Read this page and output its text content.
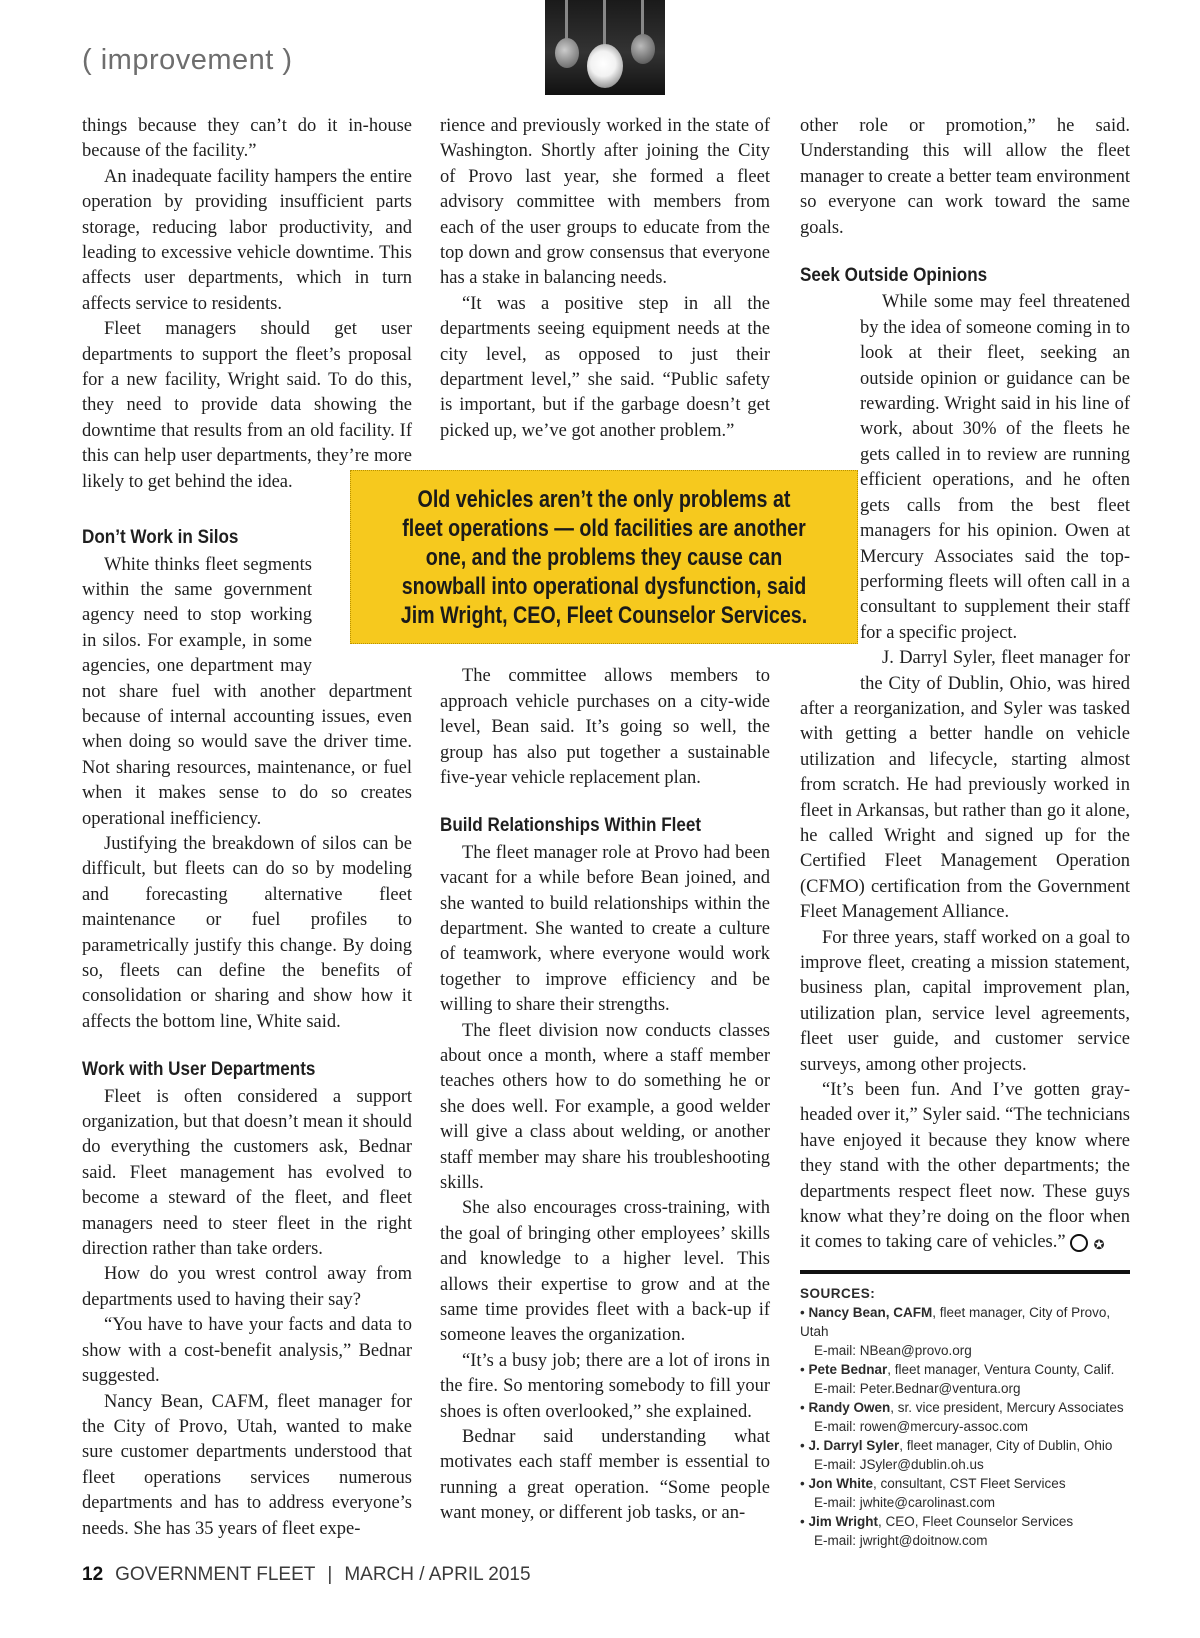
( improvement )

things because they can’t do it in-house because of the facility.”

An inadequate facility hampers the entire operation by providing insufficient parts storage, reducing labor productivity, and leading to excessive vehicle downtime. This affects user departments, which in turn affects service to residents.

Fleet managers should get user departments to support the fleet’s proposal for a new facility, Wright said. To do this, they need to provide data showing the downtime that results from an old facility. If this can help user departments, they’re more likely to get behind the idea.

Don’t Work in Silos

White thinks fleet segments within the same government agency need to stop working in silos. For example, in some agencies, one department may not share fuel with another department because of internal accounting issues, even when doing so would save the driver time. Not sharing resources, maintenance, or fuel when it makes sense to do so creates operational inefficiency.

Justifying the breakdown of silos can be difficult, but fleets can do so by modeling and forecasting alternative fleet maintenance or fuel profiles to parametrically justify this change. By doing so, fleets can define the benefits of consolidation or sharing and show how it affects the bottom line, White said.

Work with User Departments

Fleet is often considered a support organization, but that doesn’t mean it should do everything the customers ask, Bednar said. Fleet management has evolved to become a steward of the fleet, and fleet managers need to steer fleet in the right direction rather than take orders.

How do you wrest control away from departments used to having their say?

“You have to have your facts and data to show with a cost-benefit analysis,” Bednar suggested.

Nancy Bean, CAFM, fleet manager for the City of Provo, Utah, wanted to make sure customer departments understood that fleet operations services numerous departments and has to address everyone’s needs. She has 35 years of fleet expe-

rience and previously worked in the state of Washington. Shortly after joining the City of Provo last year, she formed a fleet advisory committee with members from each of the user groups to educate from the top down and grow consensus that everyone has a stake in balancing needs.

“It was a positive step in all the departments seeing equipment needs at the city level, as opposed to just their department level,” she said. “Public safety is important, but if the garbage doesn’t get picked up, we’ve got another problem.”

The committee allows members to approach vehicle purchases on a city-wide level, Bean said. It’s going so well, the group has also put together a sustainable five-year vehicle replacement plan.

Build Relationships Within Fleet

The fleet manager role at Provo had been vacant for a while before Bean joined, and she wanted to build relationships within the department. She wanted to create a culture of teamwork, where everyone would work together to improve efficiency and be willing to share their strengths.

The fleet division now conducts classes about once a month, where a staff member teaches others how to do something he or she does well. For example, a good welder will give a class about welding, or another staff member may share his troubleshooting skills.

She also encourages cross-training, with the goal of bringing other employees’ skills and knowledge to a higher level. This allows their expertise to grow and at the same time provides fleet with a back-up if someone leaves the organization.

“It’s a busy job; there are a lot of irons in the fire. So mentoring somebody to fill your shoes is often overlooked,” she explained.

Bednar said understanding what motivates each staff member is essential to running a great operation. “Some people want money, or different job tasks, or an-

other role or promotion,” he said. Understanding this will allow the fleet manager to create a better team environment so everyone can work toward the same goals.

Seek Outside Opinions

While some may feel threatened by the idea of someone coming in to look at their fleet, seeking an outside opinion or guidance can be rewarding. Wright said in his line of work, about 30% of the fleets he gets called in to review are running efficient operations, and he often gets calls from the best fleet managers for his opinion. Owen at Mercury Associates said the top-performing fleets will often call in a consultant to supplement their staff for a specific project.

J. Darryl Syler, fleet manager for the City of Dublin, Ohio, was hired after a reorganization, and Syler was tasked with getting a better handle on vehicle utilization and lifecycle, starting almost from scratch. He had previously worked in fleet in Arkansas, but rather than go it alone, he called Wright and signed up for the Certified Fleet Management Operation (CFMO) certification from the Government Fleet Management Alliance.

For three years, staff worked on a goal to improve fleet, creating a mission statement, business plan, capital improvement plan, utilization plan, service level agreements, fleet user guide, and customer service surveys, among other projects.

“It’s been fun. And I’ve gotten gray-headed over it,” Syler said. “The technicians have enjoyed it because they know where they stand with the other departments; the departments respect fleet now. These guys know what they’re doing on the floor when it comes to taking care of vehicles.” ✪

Old vehicles aren’t the only problems at fleet operations — old facilities are another one, and the problems they cause can snowball into operational dysfunction, said Jim Wright, CEO, Fleet Counselor Services.
SOURCES:
• Nancy Bean, CAFM, fleet manager, City of Provo, Utah
E-mail: NBean@provo.org
• Pete Bednar, fleet manager, Ventura County, Calif.
E-mail: Peter.Bednar@ventura.org
• Randy Owen, sr. vice president, Mercury Associates
E-mail: rowen@mercury-assoc.com
• J. Darryl Syler, fleet manager, City of Dublin, Ohio
E-mail: JSyler@dublin.oh.us
• Jon White, consultant, CST Fleet Services
E-mail: jwhite@carolinast.com
• Jim Wright, CEO, Fleet Counselor Services
E-mail: jwright@doitnow.com
12 GOVERNMENT FLEET | MARCH / APRIL 2015
